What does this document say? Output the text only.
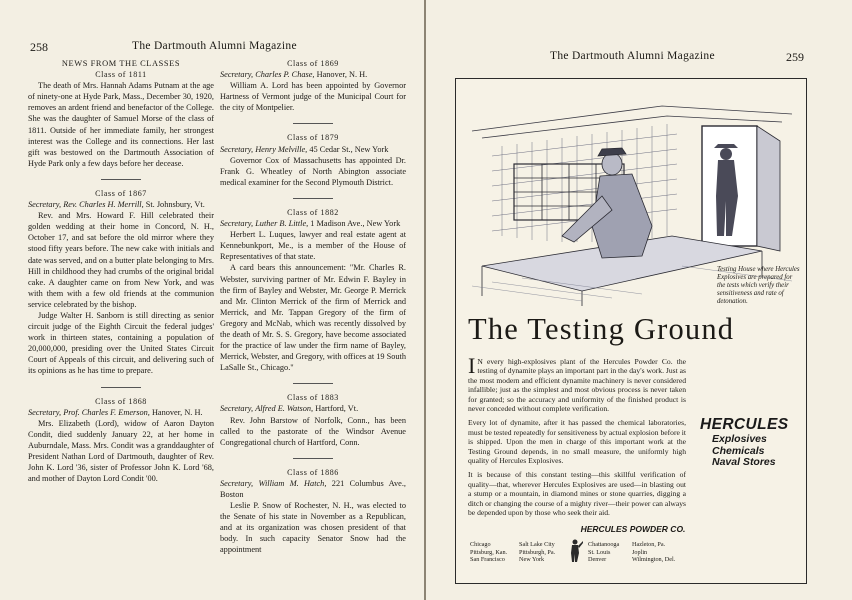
258	The Dartmouth Alumni Magazine
NEWS FROM THE CLASSES

Class of 1811

The death of Mrs. Hannah Adams Putnam at the age of ninety-one at Hyde Park, Mass., December 30, 1920, removes an ardent friend and benefactor of the College. She was the daughter of Samuel Morse of the class of 1811. Outside of her immediate family, her strongest interest was the College and its connections. Her last gift was bestowed on the Dartmouth Association of Hyde Park only a few days before her decease.

Class of 1867

Secretary, Rev. Charles H. Merrill, St. Johnsbury, Vt.

Rev. and Mrs. Howard F. Hill celebrated their golden wedding at their home in Concord, N. H., October 17, and sat before the old mirror where they stood fifty years before. The new cake with initials and date was served, and on a butter plate belonging to Mrs. Hill in childhood they had crumbs of the original bridal cake. A daughter came on from New York, and was with them with a few old friends at the communion service celebrated by the bishop.

Judge Walter H. Sanborn is still directing as senior circuit judge of the Eighth Circuit the federal judges' work in thirteen states, containing a population of 20,000,000, presiding over the United States Circuit Court of Appeals of this circuit, and delivering such of its opinions as he has time to prepare.

Class of 1868

Secretary, Prof. Charles F. Emerson, Hanover, N. H.

Mrs. Elizabeth (Lord), widow of Aaron Dayton Condit, died suddenly January 22, at her home in Auburndale, Mass. Mrs. Condit was a granddaughter of President Nathan Lord of Dartmouth, daughter of Rev. John K. Lord '36, sister of Professor John K. Lord '68, and mother of Dayton Lord Condit '00.

Class of 1869

Secretary, Charles P. Chase, Hanover, N. H.

William A. Lord has been appointed by Governor Hartness of Vermont judge of the Municipal Court for the city of Montpelier.

Class of 1879

Secretary, Henry Melville, 45 Cedar St., New York

Governor Cox of Massachusetts has appointed Dr. Frank G. Wheatley of North Abington associate medical examiner for the Second Plymouth District.

Class of 1882

Secretary, Luther B. Little, 1 Madison Ave., New York

Herbert L. Luques, lawyer and real estate agent at Kennebunkport, Me., is a member of the House of Representatives of that state.

A card bears this announcement: "Mr. Charles R. Webster, surviving partner of Mr. Edwin F. Bayley in the firm of Bayley and Webster, Mr. George P. Merrick and Mr. Clinton Merrick of the firm of Merrick and Merrick, and Mr. Tappan Gregory of the firm of Gregory and McNab, which was recently dissolved by the death of Mr. S. S. Gregory, have become associated for the practice of law under the firm name of Bayley, Merrick, Webster, and Gregory, with offices at 19 South LaSalle St., Chicago."

Class of 1883

Secretary, Alfred E. Watson, Hartford, Vt.

Rev. John Barstow of Norfolk, Conn., has been called to the pastorate of the Windsor Avenue Congregational church of Hartford, Conn.

Class of 1886

Secretary, William M. Hatch, 221 Columbus Ave., Boston

Leslie P. Snow of Rochester, N. H., was elected to the Senate of his state in November as a Republican, and at its organization was chosen president of that body. In such capacity Senator Snow had the appointment

The Dartmouth Alumni Magazine	259
Testing House where Hercules Explosives are prepared for the tests which verify their sensitiveness and rate of detonation.
The Testing Ground

I N every high-explosives plant of the Hercules Powder Co. the testing of dynamite plays an important part in the day's work. Just as the most modern and efficient dynamite machinery is never considered infallible; just as the simplest and most obvious process is never taken for granted; so the accuracy and uniformity of the finished product is never conceded without complete verification.

Every lot of dynamite, after it has passed the chemical laboratories, must be tested repeatedly for sensitiveness by actual explosion before it is shipped. Upon the men in charge of this important work at the Testing Ground depends, in no small measure, the uniformly high quality of Hercules Explosives.

It is because of this constant testing—this skillful verification of quality—that, wherever Hercules Explosives are used—in blasting out a stump or a mountain, in diamond mines or stone quarries, digging a ditch or changing the course of a mighty river—their power can always be depended upon by those who seek their aid.

HERCULES
Explosives
Chemicals
Naval Stores
HERCULES POWDER CO.
Chicago
Pittsburg, Kan.
San Francisco
Salt Lake City
Pittsburgh, Pa.
New York
Chattanooga
St. Louis
Denver
Hazleton, Pa.
Joplin
Wilmington, Del.
